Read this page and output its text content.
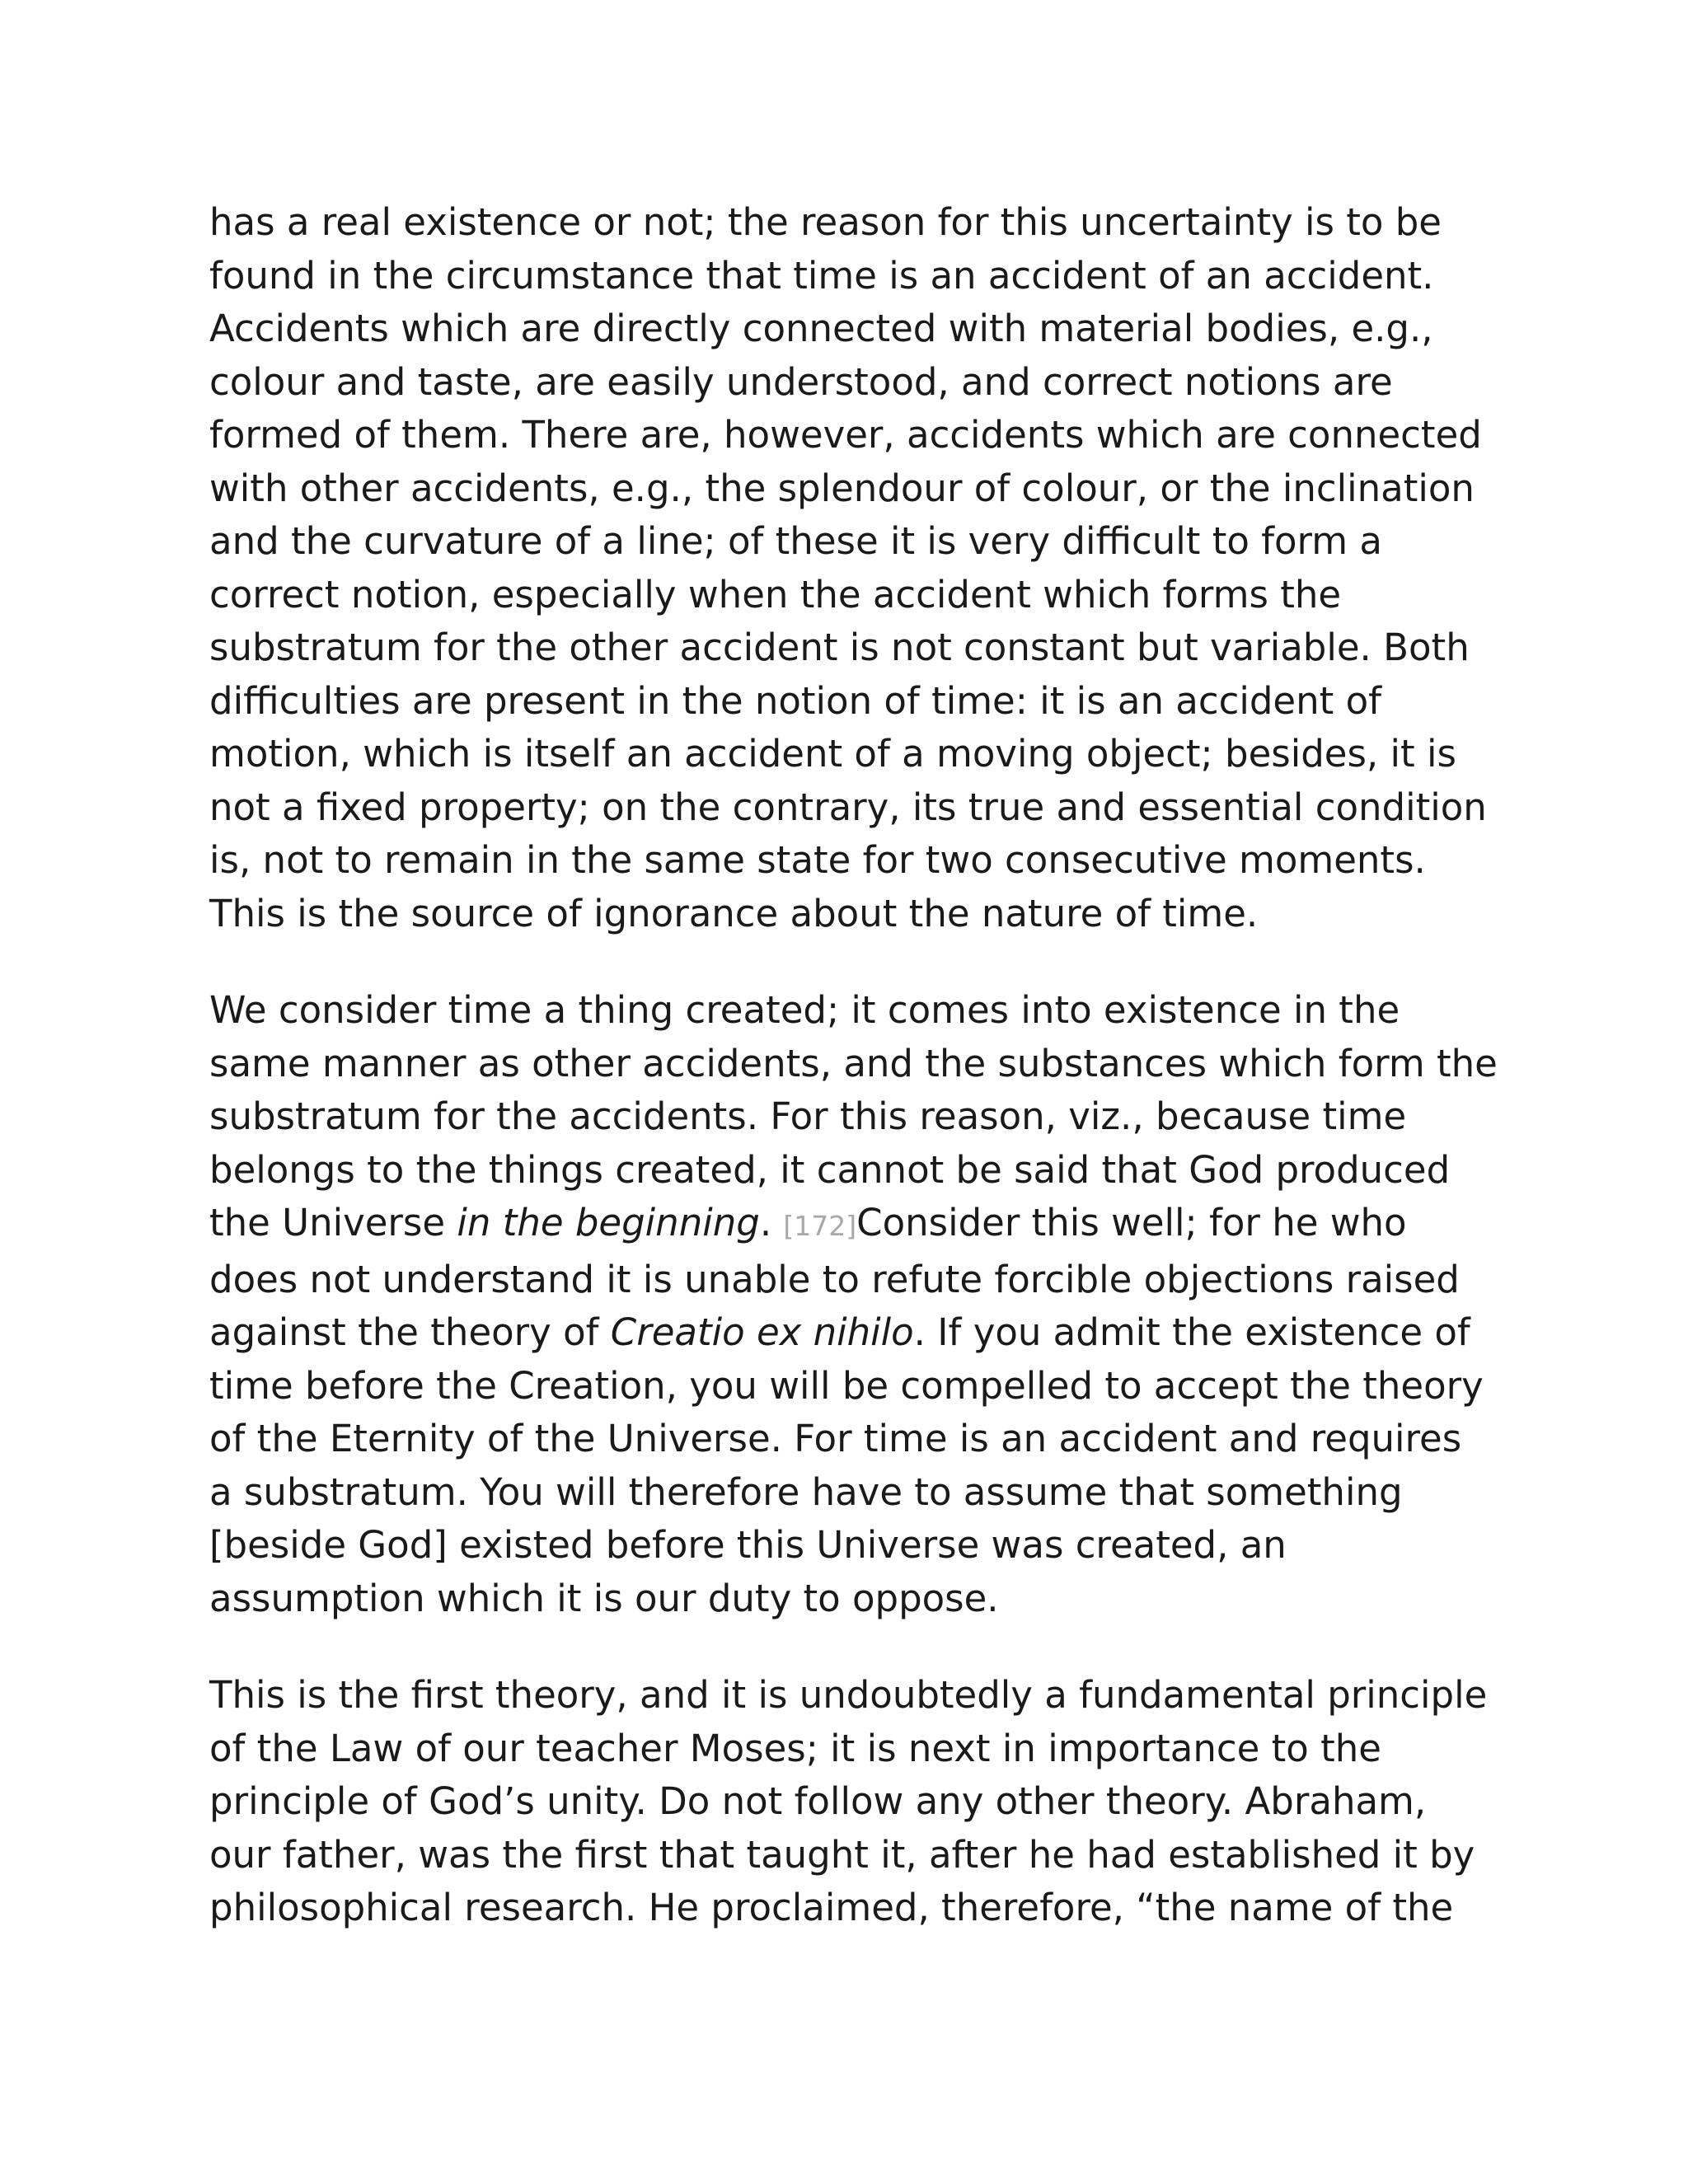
has a real existence or not; the reason for this uncertainty is to be
found in the circumstance that time is an accident of an accident.
Accidents which are directly connected with material bodies, e.g.,
colour and taste, are easily understood, and correct notions are
formed of them. There are, however, accidents which are connected
with other accidents, e.g., the splendour of colour, or the inclination
and the curvature of a line; of these it is very difficult to form a
correct notion, especially when the accident which forms the
substratum for the other accident is not constant but variable. Both
difficulties are present in the notion of time: it is an accident of
motion, which is itself an accident of a moving object; besides, it is
not a fixed property; on the contrary, its true and essential condition
is, not to remain in the same state for two consecutive moments.
This is the source of ignorance about the nature of time.

We consider time a thing created; it comes into existence in the
same manner as other accidents, and the substances which form the
substratum for the accidents. For this reason, viz., because time
belongs to the things created, it cannot be said that God produced
the Universe in the beginning. [172]Consider this well; for he who
does not understand it is unable to refute forcible objections raised
against the theory of Creatio ex nihilo. If you admit the existence of
time before the Creation, you will be compelled to accept the theory
of the Eternity of the Universe. For time is an accident and requires
a substratum. You will therefore have to assume that something
[beside God] existed before this Universe was created, an
assumption which it is our duty to oppose.

This is the first theory, and it is undoubtedly a fundamental principle
of the Law of our teacher Moses; it is next in importance to the
principle of God’s unity. Do not follow any other theory. Abraham,
our father, was the first that taught it, after he had established it by
philosophical research. He proclaimed, therefore, “the name of the
